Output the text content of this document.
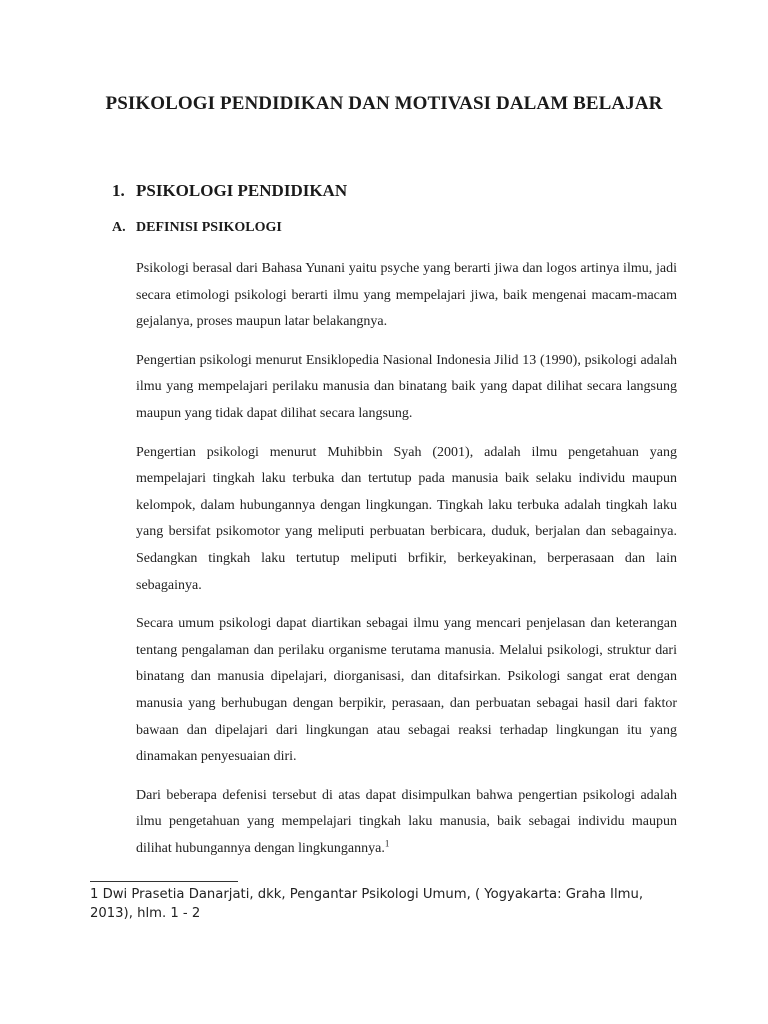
PSIKOLOGI PENDIDIKAN DAN MOTIVASI DALAM BELAJAR
1. PSIKOLOGI PENDIDIKAN
A. DEFINISI PSIKOLOGI

Psikologi berasal dari Bahasa Yunani yaitu psyche yang berarti jiwa dan logos artinya ilmu, jadi secara etimologi psikologi berarti ilmu yang mempelajari jiwa, baik mengenai macam-macam gejalanya, proses maupun latar belakangnya.

Pengertian psikologi menurut Ensiklopedia Nasional Indonesia Jilid 13 (1990), psikologi adalah ilmu yang mempelajari perilaku manusia dan binatang baik yang dapat dilihat secara langsung maupun yang tidak dapat dilihat secara langsung.

Pengertian psikologi menurut Muhibbin Syah (2001), adalah ilmu pengetahuan yang mempelajari tingkah laku terbuka dan tertutup pada manusia baik selaku individu maupun kelompok, dalam hubungannya dengan lingkungan. Tingkah laku terbuka adalah tingkah laku yang bersifat psikomotor yang meliputi perbuatan berbicara, duduk, berjalan dan sebagainya. Sedangkan tingkah laku tertutup meliputi brfikir, berkeyakinan, berperasaan dan lain sebagainya.

Secara umum psikologi dapat diartikan sebagai ilmu yang mencari penjelasan dan keterangan tentang pengalaman dan perilaku organisme terutama manusia. Melalui psikologi, struktur dari binatang dan manusia dipelajari, diorganisasi, dan ditafsirkan. Psikologi sangat erat dengan manusia yang berhubugan dengan berpikir, perasaan, dan perbuatan sebagai hasil dari faktor bawaan dan dipelajari dari lingkungan atau sebagai reaksi terhadap lingkungan itu yang dinamakan penyesuaian diri.

Dari beberapa defenisi tersebut di atas dapat disimpulkan bahwa pengertian psikologi adalah ilmu pengetahuan yang mempelajari tingkah laku manusia, baik sebagai individu maupun dilihat hubungannya dengan lingkungannya.$^1$

1 Dwi Prasetia Danarjati, dkk, Pengantar Psikologi Umum, ( Yogyakarta: Graha Ilmu, 2013), hlm. 1 - 2
